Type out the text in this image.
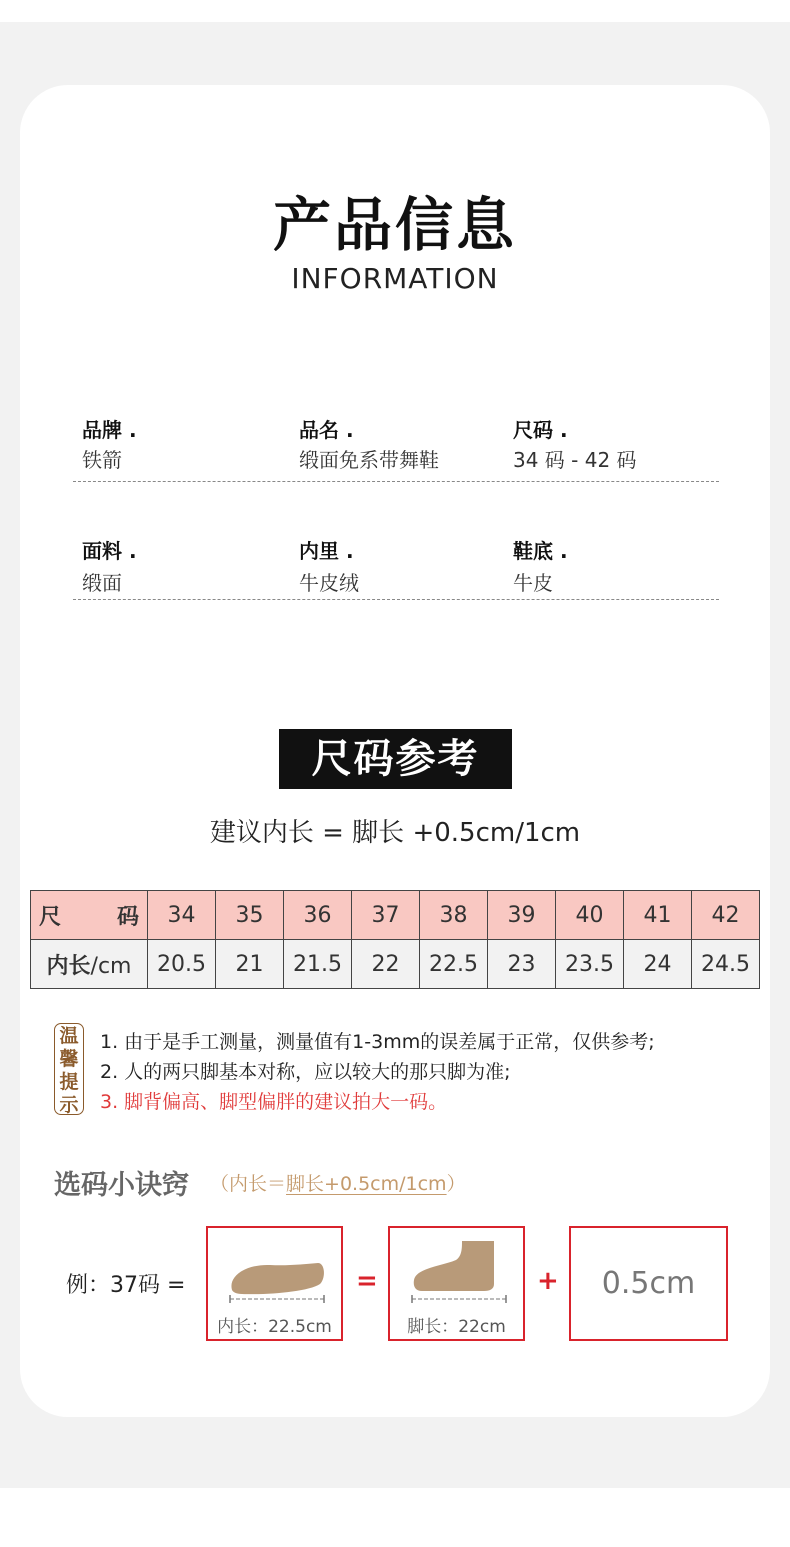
产品信息
INFORMATION
品牌 .
铁箭
品名 .
缎面免系带舞鞋
尺码 .
34 码 - 42 码
面料 .
缎面
内里 .
牛皮绒
鞋底 .
牛皮
尺码参考
建议内长 = 脚长 +0.5cm/1cm
尺 码	34	35	36	37	38	39	40	41	42
内长/cm	20.5	21	21.5	22	22.5	23	23.5	24	24.5
温
馨
提
示
1. 由于是手工测量，测量值有1-3mm的误差属于正常，仅供参考;
2. 人的两只脚基本对称，应以较大的那只脚为准;
3. 脚背偏高、脚型偏胖的建议拍大一码。
选码小诀窍 （内长＝脚长+0.5cm/1cm）
例：37码 =
内长：22.5cm
=
脚长：22cm
+	0.5cm
